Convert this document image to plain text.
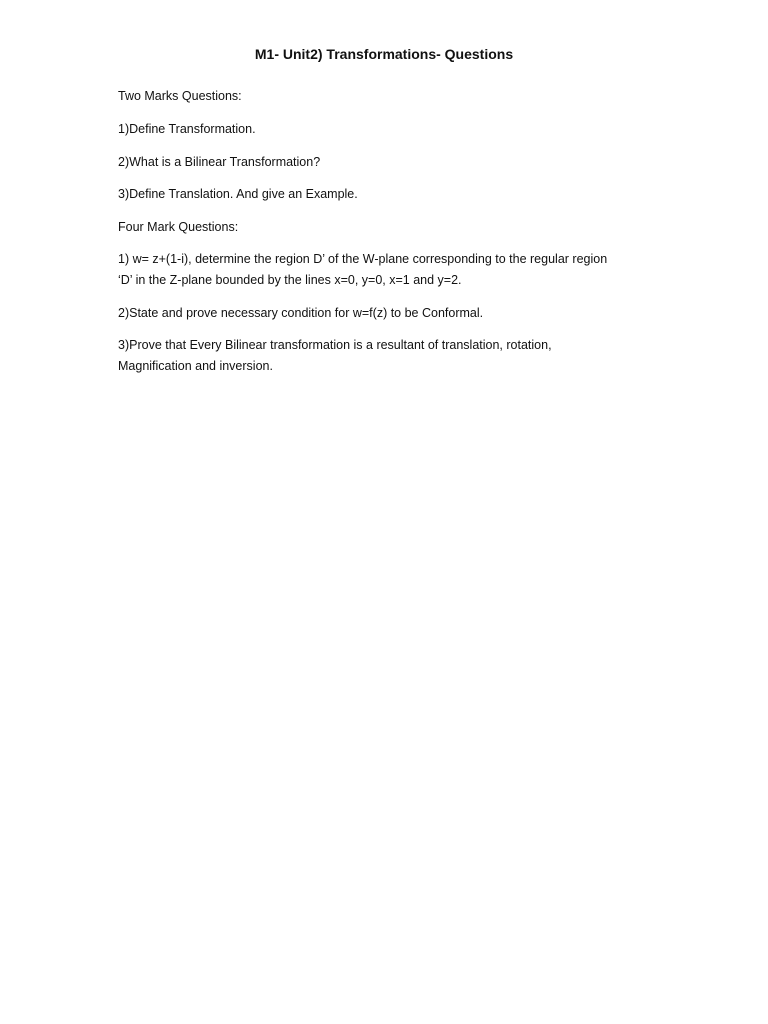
M1- Unit2) Transformations- Questions

Two Marks Questions:

1)Define Transformation.

2)What is a Bilinear Transformation?

3)Define Translation. And give an Example.

Four Mark Questions:

1) w= z+(1-i), determine the region D’ of the W-plane corresponding to the regular region
‘D’ in the Z-plane bounded by the lines x=0, y=0, x=1 and y=2.

2)State and prove necessary condition for w=f(z) to be Conformal.

3)Prove that Every Bilinear transformation is a resultant of translation, rotation,
Magnification and inversion.
